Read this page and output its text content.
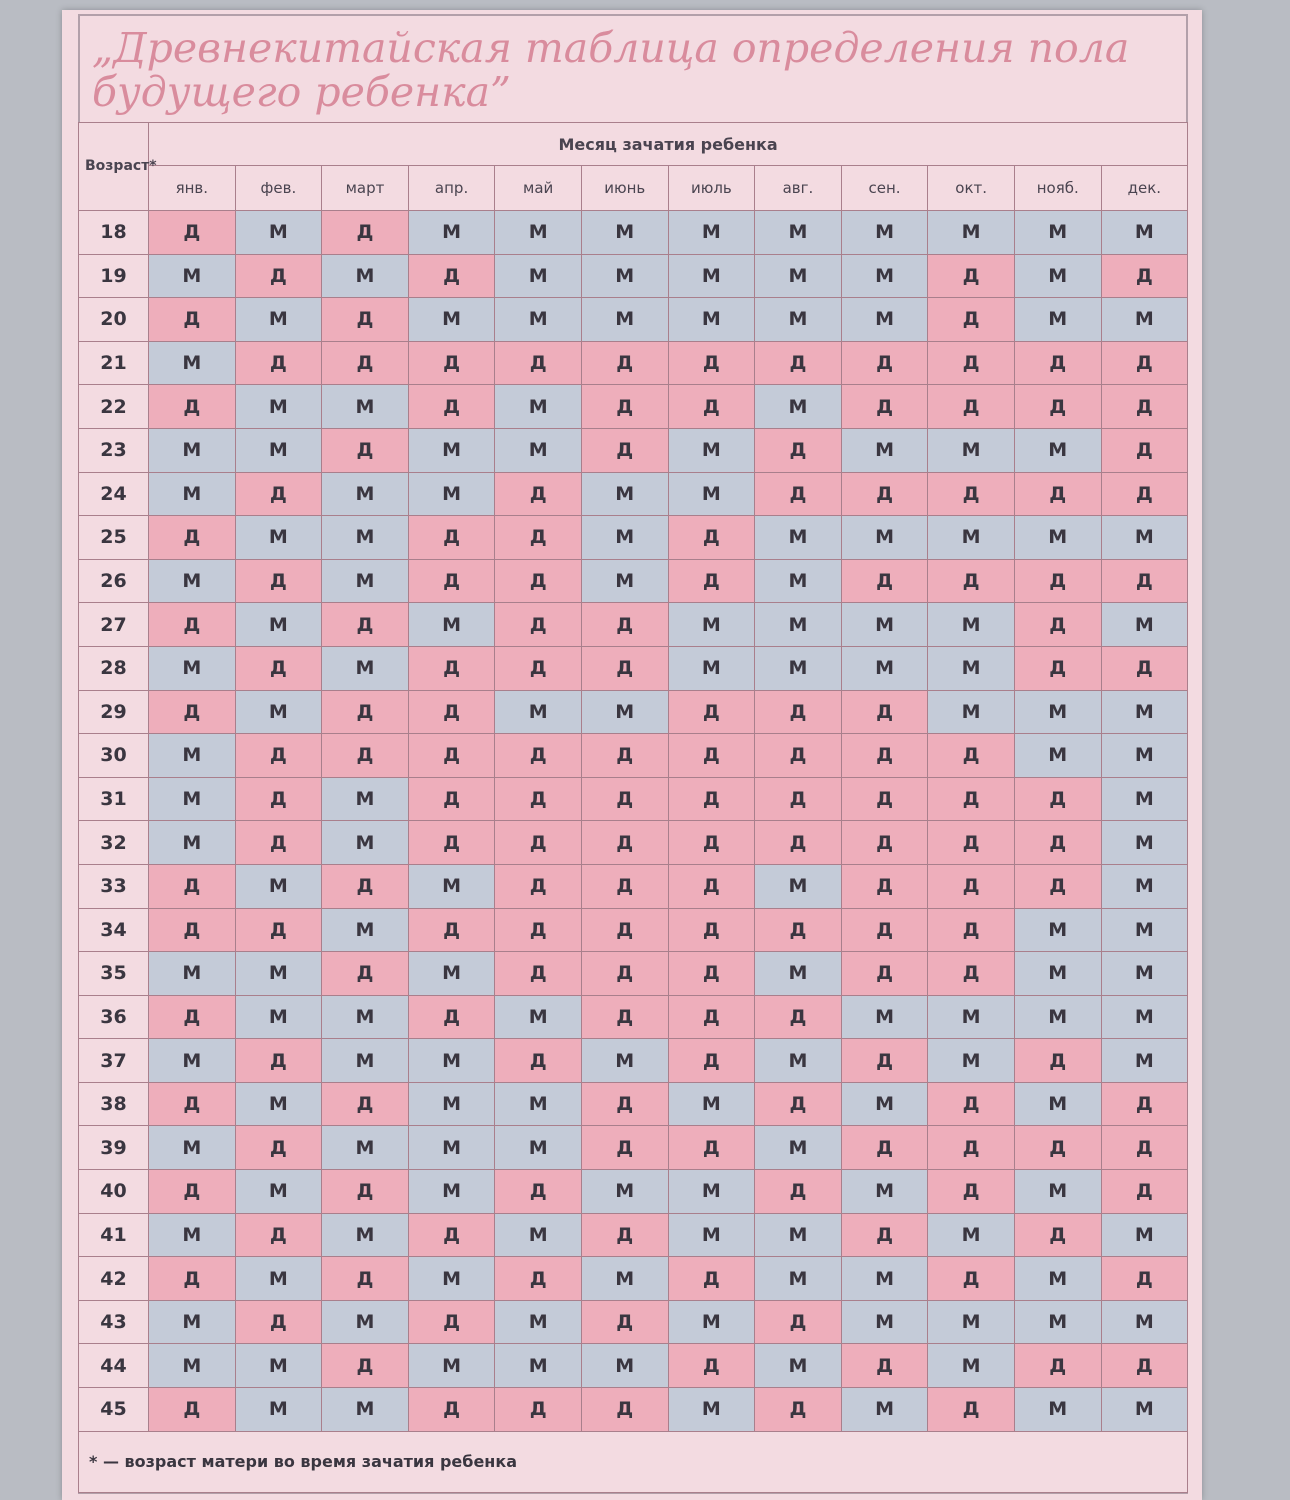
„Древнекитайская таблица определения пола будущего ребенка”
Возраст*	Месяц зачатия ребенка											
	янв.	фев.	март	апр.	май	июнь	июль	авг.	сен.	окт.	нояб.	дек.
18	Д	М	Д	М	М	М	М	М	М	М	М	М
19	М	Д	М	Д	М	М	М	М	М	Д	М	Д
20	Д	М	Д	М	М	М	М	М	М	Д	М	М
21	М	Д	Д	Д	Д	Д	Д	Д	Д	Д	Д	Д
22	Д	М	М	Д	М	Д	Д	М	Д	Д	Д	Д
23	М	М	Д	М	М	Д	М	Д	М	М	М	Д
24	М	Д	М	М	Д	М	М	Д	Д	Д	Д	Д
25	Д	М	М	Д	Д	М	Д	М	М	М	М	М
26	М	Д	М	Д	Д	М	Д	М	Д	Д	Д	Д
27	Д	М	Д	М	Д	Д	М	М	М	М	Д	М
28	М	Д	М	Д	Д	Д	М	М	М	М	Д	Д
29	Д	М	Д	Д	М	М	Д	Д	Д	М	М	М
30	М	Д	Д	Д	Д	Д	Д	Д	Д	Д	М	М
31	М	Д	М	Д	Д	Д	Д	Д	Д	Д	Д	М
32	М	Д	М	Д	Д	Д	Д	Д	Д	Д	Д	М
33	Д	М	Д	М	Д	Д	Д	М	Д	Д	Д	М
34	Д	Д	М	Д	Д	Д	Д	Д	Д	Д	М	М
35	М	М	Д	М	Д	Д	Д	М	Д	Д	М	М
36	Д	М	М	Д	М	Д	Д	Д	М	М	М	М
37	М	Д	М	М	Д	М	Д	М	Д	М	Д	М
38	Д	М	Д	М	М	Д	М	Д	М	Д	М	Д
39	М	Д	М	М	М	Д	Д	М	Д	Д	Д	Д
40	Д	М	Д	М	Д	М	М	Д	М	Д	М	Д
41	М	Д	М	Д	М	Д	М	М	Д	М	Д	М
42	Д	М	Д	М	Д	М	Д	М	М	Д	М	Д
43	М	Д	М	Д	М	Д	М	Д	М	М	М	М
44	М	М	Д	М	М	М	Д	М	Д	М	Д	Д
45	Д	М	М	Д	Д	Д	М	Д	М	Д	М	М
* — возраст матери во время зачатия ребенка												
